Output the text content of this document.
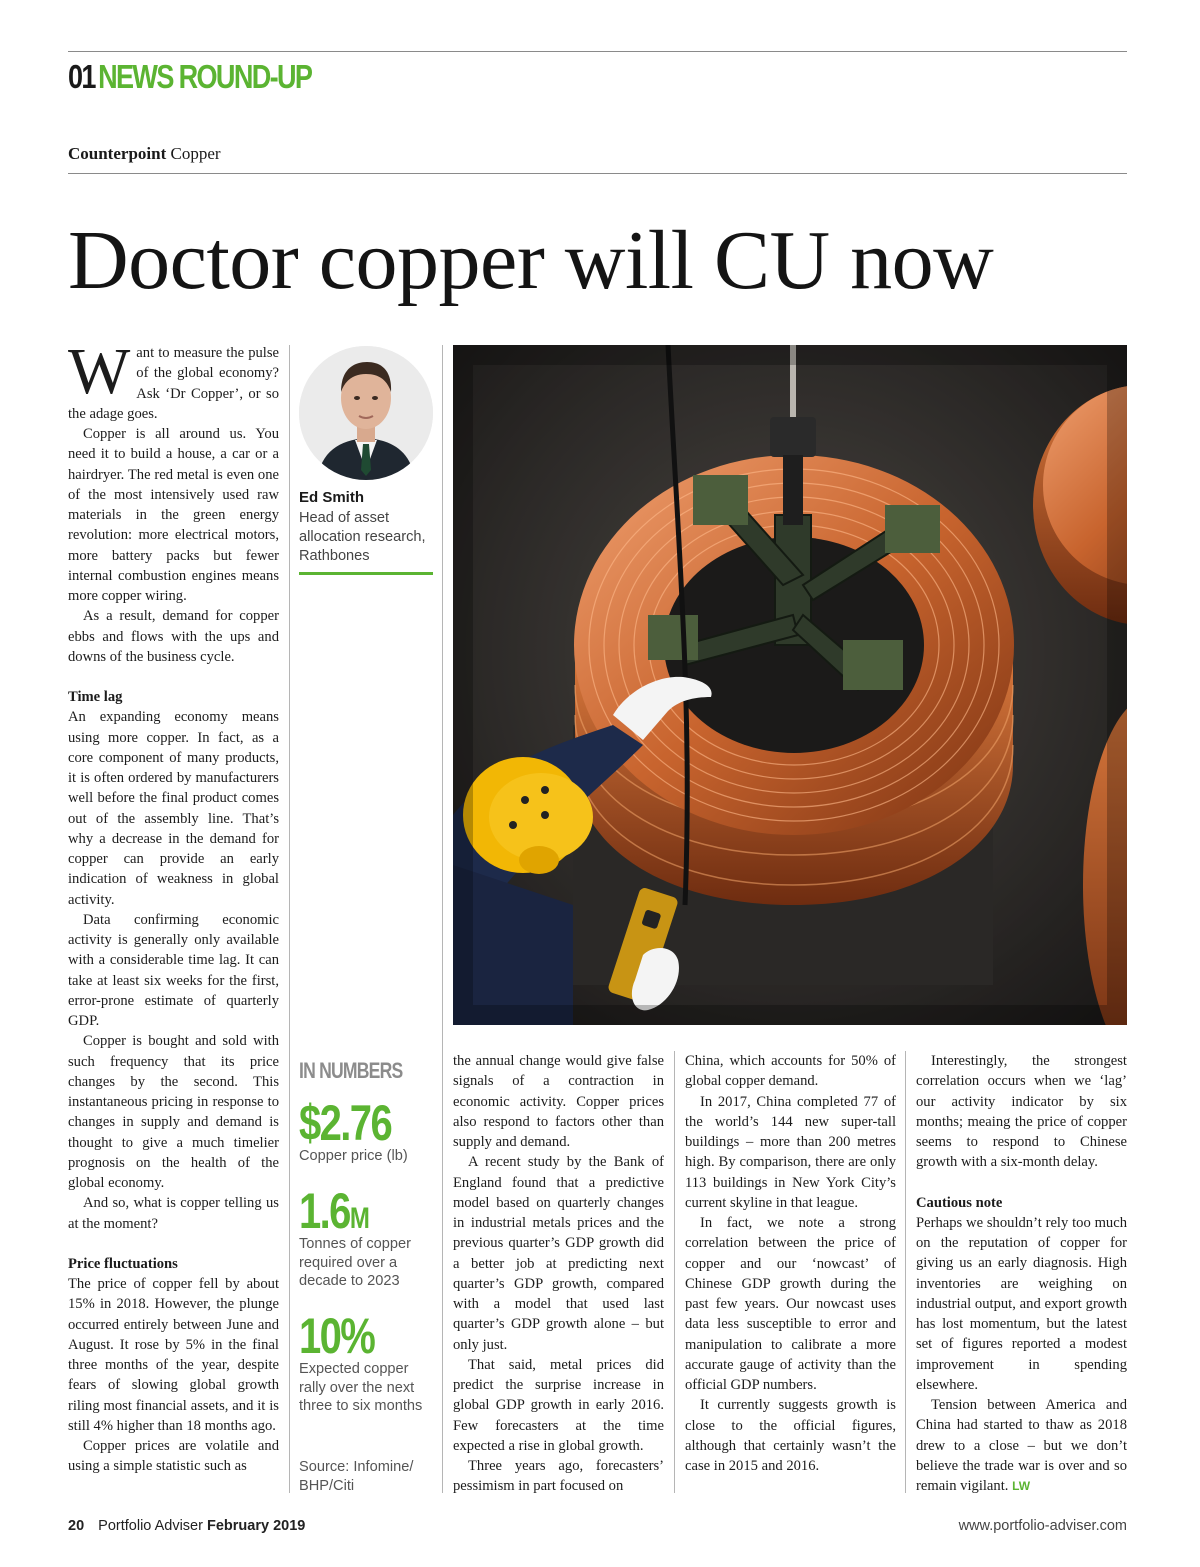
01NEWS ROUND-UP
Counterpoint Copper
Doctor copper will CU now

Want to measure the pulse of the global economy? Ask ‘Dr Copper’, or so the adage goes.

Copper is all around us. You need it to build a house, a car or a hairdryer. The red metal is even one of the most intensively used raw materials in the green energy revolution: more electrical motors, more battery packs but fewer internal combustion engines means more copper wiring.

As a result, demand for copper ebbs and flows with the ups and downs of the business cycle.

Time lag

An expanding economy means using more copper. In fact, as a core component of many products, it is often ordered by manufacturers well before the final product comes out of the assembly line. That’s why a decrease in the demand for copper can provide an early indication of weakness in global activity.

Data confirming economic activity is generally only available with a considerable time lag. It can take at least six weeks for the first, error-prone estimate of quarterly GDP.

Copper is bought and sold with such frequency that its price changes by the second. This instantaneous pricing in response to changes in supply and demand is thought to give a much timelier prognosis on the health of the global economy.

And so, what is copper telling us at the moment?

Price fluctuations

The price of copper fell by about 15% in 2018. However, the plunge occurred entirely between June and August. It rose by 5% in the final three months of the year, despite fears of slowing global growth riling most financial assets, and it is still 4% higher than 18 months ago.

Copper prices are volatile and using a simple statistic such as

Ed Smith
Head of asset allocation research, Rathbones
IN NUMBERS
$2.76
Copper price (lb)
1.6M
Tonnes of copper required over a decade to 2023
10%
Expected copper rally over the next three to six months
Source: Infomine/ BHP/Citi

the annual change would give false signals of a contraction in economic activity. Copper prices also respond to factors other than supply and demand.

A recent study by the Bank of England found that a predictive model based on quarterly changes in industrial metals prices and the previous quarter’s GDP growth did a better job at predicting next quarter’s GDP growth, compared with a model that used last quarter’s GDP growth alone – but only just.

That said, metal prices did predict the surprise increase in global GDP growth in early 2016. Few forecasters at the time expected a rise in global growth.

Three years ago, forecasters’ pessimism in part focused on

China, which accounts for 50% of global copper demand.

In 2017, China completed 77 of the world’s 144 new super-tall buildings – more than 200 metres high. By comparison, there are only 113 buildings in New York City’s current skyline in that league.

In fact, we note a strong correlation between the price of copper and our ‘nowcast’ of Chinese GDP growth during the past few years. Our nowcast uses data less susceptible to error and manipulation to calibrate a more accurate gauge of activity than the official GDP numbers.

It currently suggests growth is close to the official figures, although that certainly wasn’t the case in 2015 and 2016.

Interestingly, the strongest correlation occurs when we ‘lag’ our activity indicator by six months; meaing the price of copper seems to respond to Chinese growth with a six-month delay.

Cautious note

Perhaps we shouldn’t rely too much on the reputation of copper for giving us an early diagnosis. High inventories are weighing on industrial output, and export growth has lost momentum, but the latest set of figures reported a modest improvement in spending elsewhere.

Tension between America and China had started to thaw as 2018 drew to a close – but we don’t believe the trade war is over and so remain vigilant. LW

20 Portfolio Adviser February 2019	www.portfolio-adviser.com
